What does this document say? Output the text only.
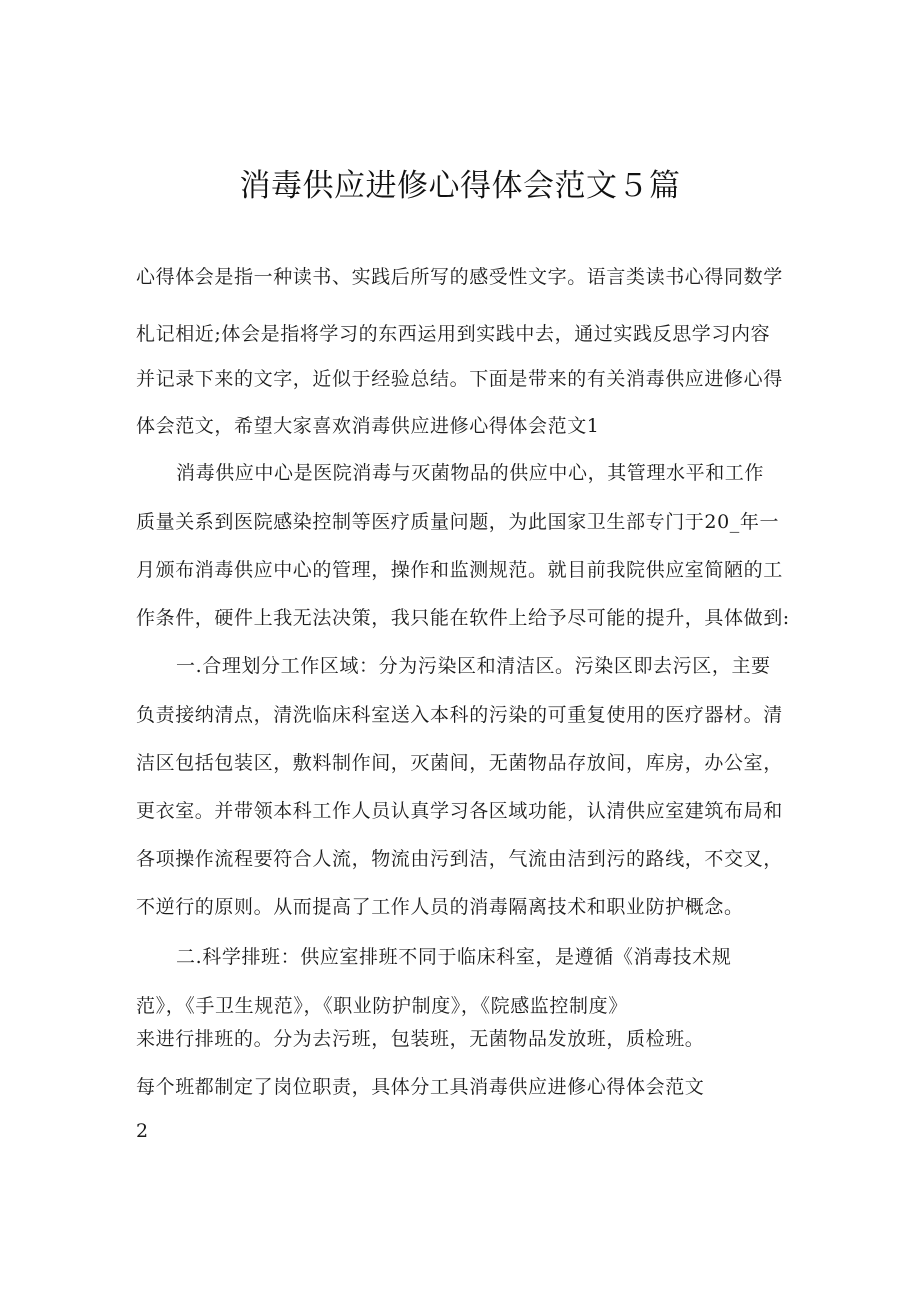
消毒供应进修心得体会范文５篇
心得体会是指一种读书、实践后所写的感受性文字。语言类读书心得同数学
札记相近;体会是指将学习的东西运用到实践中去，通过实践反思学习内容
并记录下来的文字，近似于经验总结。下面是带来的有关消毒供应进修心得
体会范文，希望大家喜欢消毒供应进修心得体会范文1
消毒供应中心是医院消毒与灭菌物品的供应中心，其管理水平和工作
质量关系到医院感染控制等医疗质量问题，为此国家卫生部专门于20_年一
月颁布消毒供应中心的管理，操作和监测规范。就目前我院供应室简陋的工
作条件，硬件上我无法决策，我只能在软件上给予尽可能的提升，具体做到:
一.合理划分工作区域：分为污染区和清洁区。污染区即去污区，主要
负责接纳清点，清洗临床科室送入本科的污染的可重复使用的医疗器材。清
洁区包括包装区，敷料制作间，灭菌间，无菌物品存放间，库房，办公室，
更衣室。并带领本科工作人员认真学习各区域功能，认清供应室建筑布局和
各项操作流程要符合人流，物流由污到洁，气流由洁到污的路线，不交叉，
不逆行的原则。从而提高了工作人员的消毒隔离技术和职业防护概念。
二.科学排班：供应室排班不同于临床科室，是遵循《消毒技术规
范》，《手卫生规范》，《职业防护制度》，《院感监控制度》
来进行排班的。分为去污班，包装班，无菌物品发放班，质检班。
每个班都制定了岗位职责，具体分工具消毒供应进修心得体会范文
2
